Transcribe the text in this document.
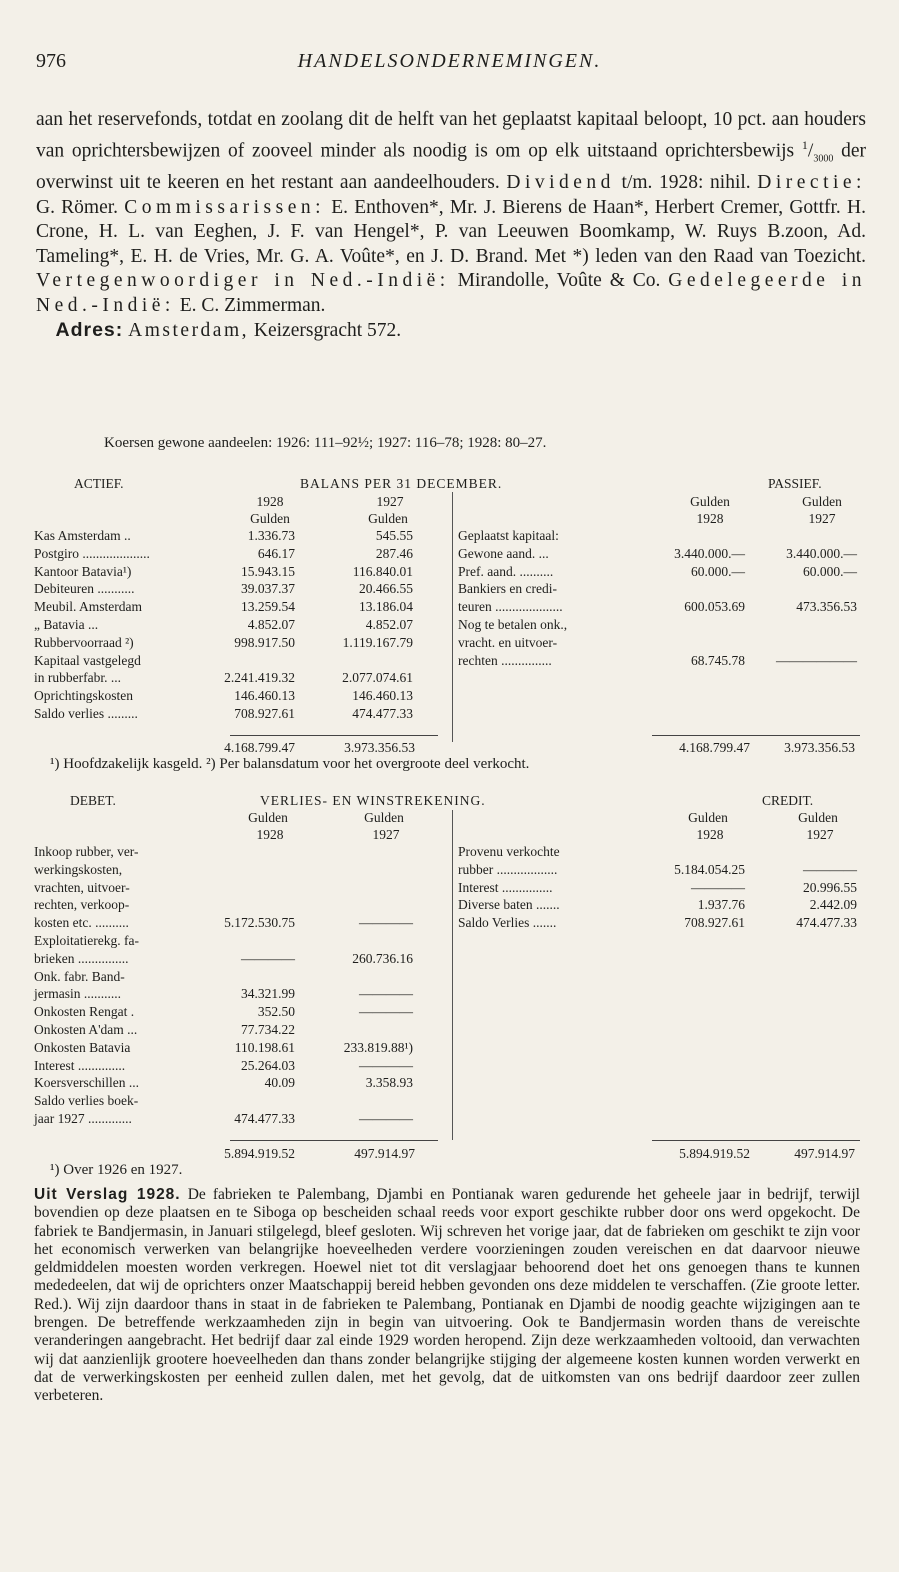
976	HANDELSONDERNEMINGEN.

aan het reservefonds, totdat en zoolang dit de helft van het geplaatst kapitaal beloopt, 10 pct. aan houders van oprichtersbewijzen of zooveel minder als noodig is om op elk uitstaand oprichtersbewijs $^1/_{3000}$ der overwinst uit te keeren en het restant aan aandeelhouders. Dividend t/m. 1928: nihil. Directie: G. Römer. Commissarissen: E. Enthoven*, Mr. J. Bierens de Haan*, Herbert Cremer, Gottfr. H. Crone, H. L. van Eeghen, J. F. van Hengel*, P. van Leeuwen Boomkamp, W. Ruys B.zoon, Ad. Tameling*, E. H. de Vries, Mr. G. A. Voûte*, en J. D. Brand. Met *) leden van den Raad van Toezicht. Vertegenwoordiger in Ned.-Indië: Mirandolle, Voûte & Co. Gedelegeerde in Ned.-Indië: E. C. Zimmerman.
Adres: Amsterdam, Keizersgracht 572.

Koersen gewone aandeelen: 1926: 111–92½; 1927: 116–78; 1928: 80–27.
ACTIEF.	BALANS PER 31 DECEMBER.	PASSIEF.
1928	1927
Gulden	Gulden
Gulden	Gulden
1928	1927
Kas Amsterdam ..	1.336.73	545.55
Postgiro ....................	646.17	287.46
Kantoor Batavia¹)	15.943.15	116.840.01
Debiteuren ...........	39.037.37	20.466.55
Meubil. Amsterdam	13.259.54	13.186.04
„ Batavia ...	4.852.07	4.852.07
Rubbervoorraad ²)	998.917.50	1.119.167.79
Kapitaal vastgelegd
in rubberfabr. ...	2.241.419.32	2.077.074.61
Oprichtingskosten	146.460.13	146.460.13
Saldo verlies .........	708.927.61	474.477.33
Geplaatst kapitaal:
Gewone aand. ...	3.440.000.—	3.440.000.—
Pref. aand. ..........	60.000.—	60.000.—
Bankiers en credi-
teuren ....................	600.053.69	473.356.53
Nog te betalen onk.,
vracht. en uitvoer-
rechten ...............	68.745.78	——————
4.168.799.47	3.973.356.53	4.168.799.47	3.973.356.53
¹) Hoofdzakelijk kasgeld. ²) Per balansdatum voor het overgroote deel verkocht.
DEBET.	VERLIES- EN WINSTREKENING.	CREDIT.
Gulden	Gulden
1928	1927
Gulden	Gulden
1928	1927
Inkoop rubber, ver-
werkingskosten,
vrachten, uitvoer-
rechten, verkoop-
kosten etc. ..........	5.172.530.75	————
Exploitatierekg. fa-
brieken ...............	————	260.736.16
Onk. fabr. Band-
jermasin ...........	34.321.99	————
Onkosten Rengat .	352.50	————
Onkosten A'dam ...	77.734.22
Onkosten Batavia	110.198.61	233.819.88¹)
Interest ..............	25.264.03	————
Koersverschillen ...	40.09	3.358.93
Saldo verlies boek-
jaar 1927 .............	474.477.33	————
Provenu verkochte
rubber ..................	5.184.054.25	————
Interest ...............	————	20.996.55
Diverse baten .......	1.937.76	2.442.09
Saldo Verlies .......	708.927.61	474.477.33
5.894.919.52	497.914.97	5.894.919.52	497.914.97
¹) Over 1926 en 1927.

Uit Verslag 1928. De fabrieken te Palembang, Djambi en Pontianak waren gedurende het geheele jaar in bedrijf, terwijl bovendien op deze plaatsen en te Siboga op bescheiden schaal reeds voor export geschikte rubber door ons werd opgekocht. De fabriek te Bandjermasin, in Januari stilgelegd, bleef gesloten. Wij schreven het vorige jaar, dat de fabrieken om geschikt te zijn voor het economisch verwerken van belangrijke hoeveelheden verdere voorzieningen zouden vereischen en dat daarvoor nieuwe geldmiddelen moesten worden verkregen. Hoewel niet tot dit verslagjaar behoorend doet het ons genoegen thans te kunnen mededeelen, dat wij de oprichters onzer Maatschappij bereid hebben gevonden ons deze middelen te verschaffen. (Zie groote letter. Red.). Wij zijn daardoor thans in staat in de fabrieken te Palembang, Pontianak en Djambi de noodig geachte wijzigingen aan te brengen. De betreffende werkzaamheden zijn in begin van uitvoering. Ook te Bandjermasin worden thans de vereischte veranderingen aangebracht. Het bedrijf daar zal einde 1929 worden heropend. Zijn deze werkzaamheden voltooid, dan verwachten wij dat aanzienlijk grootere hoeveelheden dan thans zonder belangrijke stijging der algemeene kosten kunnen worden verwerkt en dat de verwerkingskosten per eenheid zullen dalen, met het gevolg, dat de uitkomsten van ons bedrijf daardoor zeer zullen verbeteren.
